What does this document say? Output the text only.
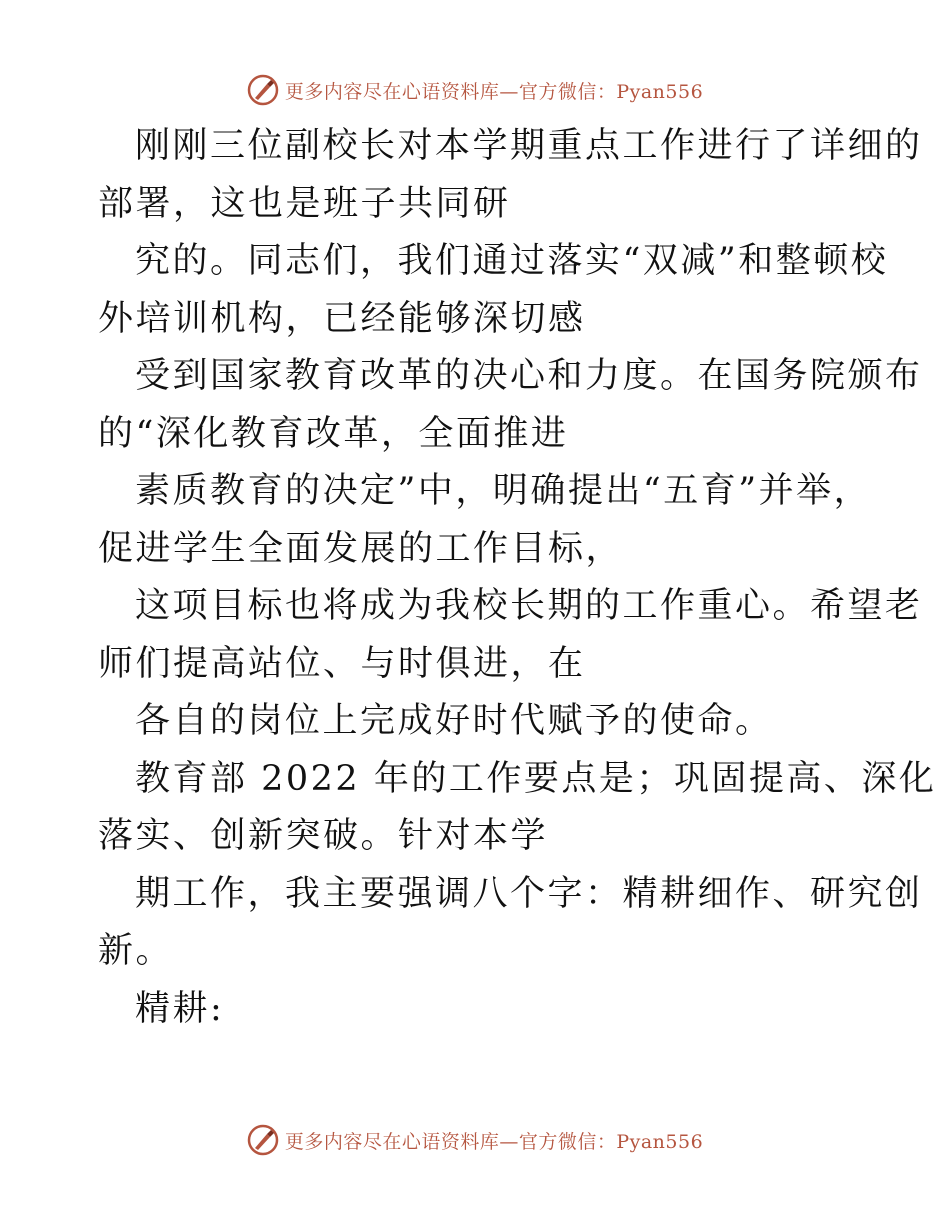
更多内容尽在心语资料库—官方微信：Pyan556

刚刚三位副校长对本学期重点工作进行了详细的
部署，这也是班子共同研

究的。同志们，我们通过落实“双减”和整顿校
外培训机构，已经能够深切感

受到国家教育改革的决心和力度。在国务院颁布
的“深化教育改革，全面推进

素质教育的决定”中，明确提出“五育”并举，
促进学生全面发展的工作目标，

这项目标也将成为我校长期的工作重心。希望老
师们提高站位、与时俱进，在

各自的岗位上完成好时代赋予的使命。

教育部 2022 年的工作要点是；巩固提高、深化
落实、创新突破。针对本学

期工作，我主要强调八个字：精耕细作、研究创
新。

精耕:

更多内容尽在心语资料库—官方微信：Pyan556
